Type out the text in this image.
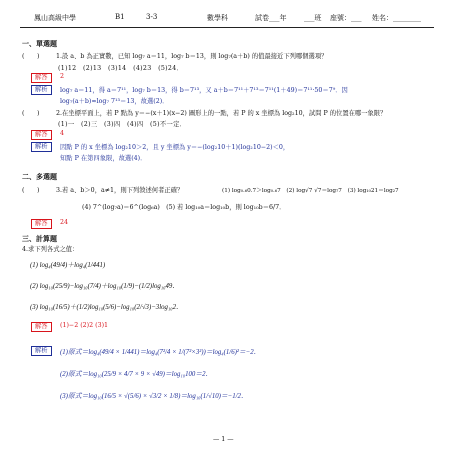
鳳山高級中學	B1	3-3	數學科	試卷___年	___班 座號：___ 姓名：________
一、單選題
(　　)	1.設 a、b 為正實數，已知 log₇ a＝11，log₇ b＝13，則 log₇(a＋b) 的值最接近下列哪個選項？
(1)12　(2)13　(3)14　(4)23　(5)24．
解答	2
解析	log₇ a＝11，得 a＝7¹¹，log₇ b＝13，得 b＝7¹³，又 a＋b＝7¹¹＋7¹³＝7¹¹(1＋49)＝7¹¹·50＝7⁹．因
log₇(a＋b)≈log₇ 7¹³＝13，故選(2)．
(　　)	2.在坐標平面上，若 P 點為 y＝−(x＋1)(x−2) 圖形上的一點，若 P 的 x 坐標為 log₂10，試問 P 的位置在哪一象限？
(1)一　(2)三　(3)四　(4)四　(5)不一定．
解答	4
解析	因點 P 的 x 坐標為 log₂10＞2，且 y 坐標為 y＝−(log₂10＋1)(log₂10−2)＜0，
知點 P 在第四象限，故選(4)．
二、多選題
(　　)	3.若 a、b＞0，a≠1，則下列敘述何者正確？	(1) log₀.₆0.7＞log₀.₆7　(2) log√7 √7＝log₇7　(3) log₁₀21＝log₂7
(4) 7^(log₇a)＝6^(log₆a)　(5) 若 log₁₀a＝log₁₀b，則 log₁₀b＝6/7．
解答	24
三、計算題
4.求下列各式之值：
(1) log₄(49/4)＋log₄(1/441)
(2) log₁₀(25/9)−log₁₀(7/4)＋log₁₀(1/9)−(1/2)log₁₀49．
(3) log₁₀(16/5)＋(1/2)log₁₀(5/6)−log₁₀(2/√3)−3log₁₀2．
解答	(1)−2 (2)2 (3)1
解析	(1)原式＝log₄(49/4 × 1/441)＝log₄(7²/4 × 1/(7²×3²))＝log₄(1/6)²＝−2．
(2)原式＝log₁₀(25/9 × 4/7 × 9 × √49)＝log₁₀100＝2．
(3)原式＝log₁₀(16/5 × √(5/6) × √3/2 × 1/8)＝log₁₀(1/√10)＝−1/2．
— 1 —
